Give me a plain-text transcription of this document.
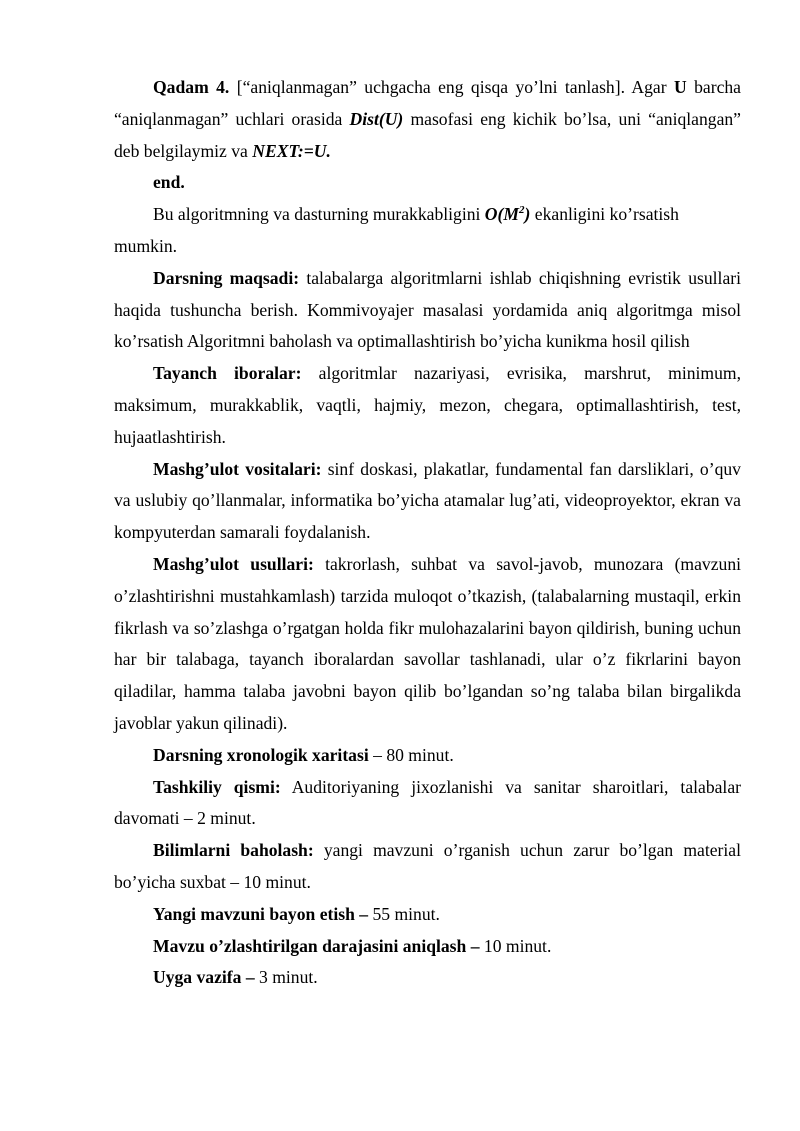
Qadam 4. [“aniqlanmagan” uchgacha eng qisqa yo’lni tanlash]. Agar U barcha “aniqlanmagan” uchlari orasida Dist(U) masofasi eng kichik bo’lsa, uni “aniqlangan” deb belgilaymiz va NEXT:=U.

end.

Bu algoritmning va dasturning murakkabligini $O(M^2)$ ekanligini ko’rsatish mumkin.

Darsning maqsadi: talabalarga algoritmlarni ishlab chiqishning evristik usullari haqida tushuncha berish. Kommivoyajer masalasi yordamida aniq algoritmga misol ko’rsatish Algoritmni baholash va optimallashtirish bo’yicha kunikma hosil qilish

Tayanch iboralar: algoritmlar nazariyasi, evrisika, marshrut, minimum, maksimum, murakkablik, vaqtli, hajmiy, mezon, chegara, optimallashtirish, test, hujaatlashtirish.

Mashg’ulot vositalari: sinf doskasi, plakatlar, fundamental fan darsliklari, o’quv va uslubiy qo’llanmalar, informatika bo’yicha atamalar lug’ati, videoproyektor, ekran va kompyuterdan samarali foydalanish.

Mashg’ulot usullari: takrorlash, suhbat va savol-javob, munozara (mavzuni o’zlashtirishni mustahkamlash) tarzida muloqot o’tkazish, (talabalarning mustaqil, erkin fikrlash va so’zlashga o’rgatgan holda fikr mulohazalarini bayon qildirish, buning uchun har bir talabaga, tayanch iboralardan savollar tashlanadi, ular o’z fikrlarini bayon qiladilar, hamma talaba javobni bayon qilib bo’lgandan so’ng talaba bilan birgalikda javoblar yakun qilinadi).

Darsning xronologik xaritasi – 80 minut.

Tashkiliy qismi: Auditoriyaning jixozlanishi va sanitar sharoitlari, talabalar davomati – 2 minut.

Bilimlarni baholash: yangi mavzuni o’rganish uchun zarur bo’lgan material bo’yicha suxbat – 10 minut.

Yangi mavzuni bayon etish – 55 minut.

Mavzu o’zlashtirilgan darajasini aniqlash – 10 minut.

Uyga vazifa – 3 minut.
